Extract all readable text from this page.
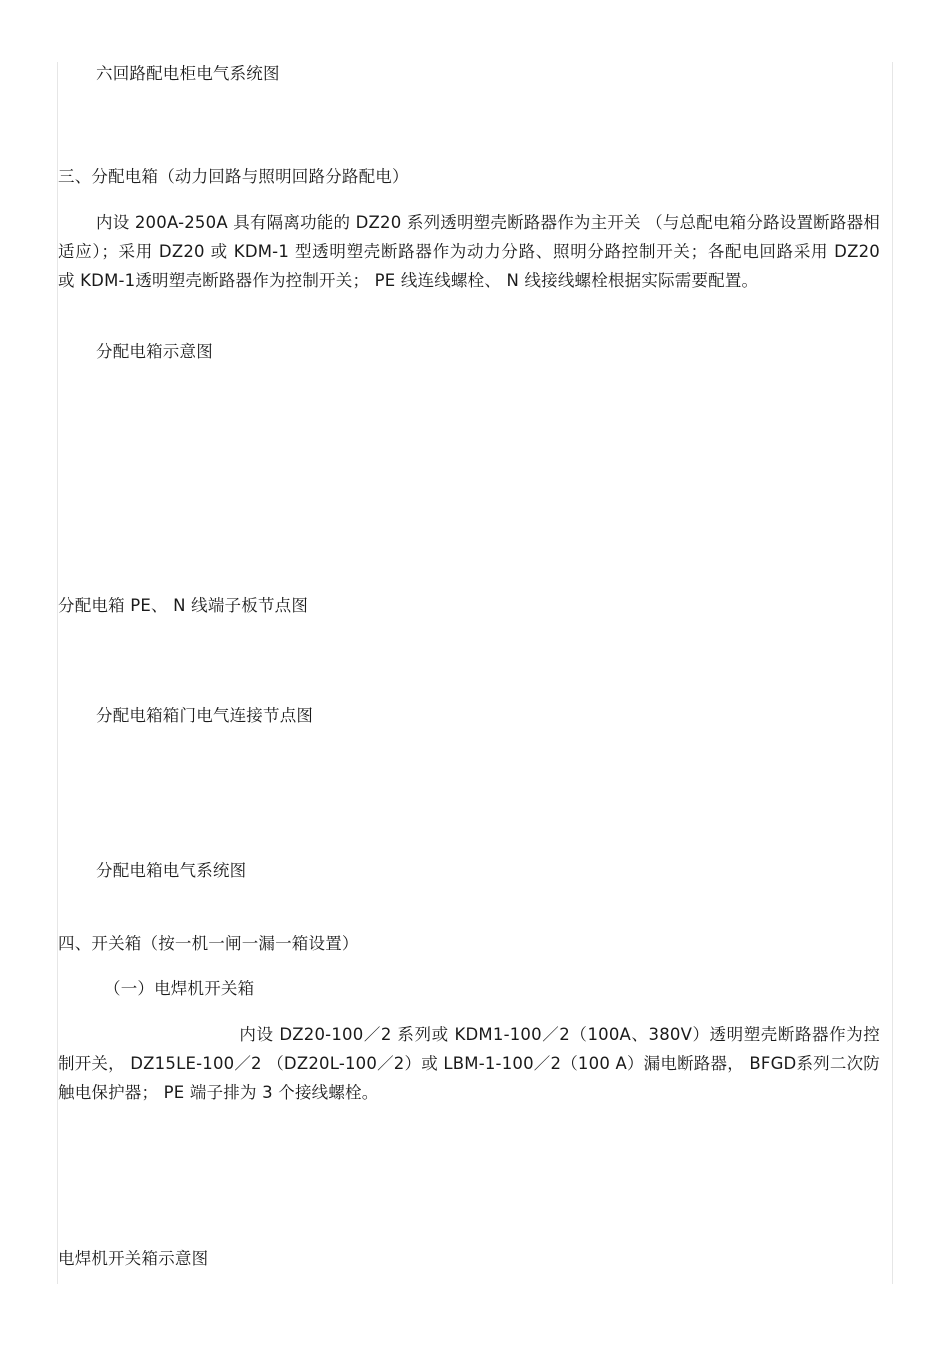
六回路配电柜电气系统图
三、分配电箱（动力回路与照明回路分路配电）
内设 200A-250A 具有隔离功能的 DZ20 系列透明塑壳断路器作为主开关 （与总配电箱分路设置断路器相适应）；采用 DZ20 或 KDM-1 型透明塑壳断路器作为动力分路、照明分路控制开关；各配电回路采用 DZ20 或 KDM-1透明塑壳断路器作为控制开关； PE 线连线螺栓、 N 线接线螺栓根据实际需要配置。
分配电箱示意图
分配电箱 PE、 N 线端子板节点图
分配电箱箱门电气连接节点图
分配电箱电气系统图
四、开关箱（按一机一闸一漏一箱设置）
（一）电焊机开关箱
内设 DZ20-100／2 系列或 KDM1-100／2（100A、380V）透明塑壳断路器作为控制开关， DZ15LE-100／2 （DZ20L-100／2）或 LBM-1-100／2（100 A）漏电断路器， BFGD系列二次防触电保护器； PE 端子排为 3 个接线螺栓。
电焊机开关箱示意图
